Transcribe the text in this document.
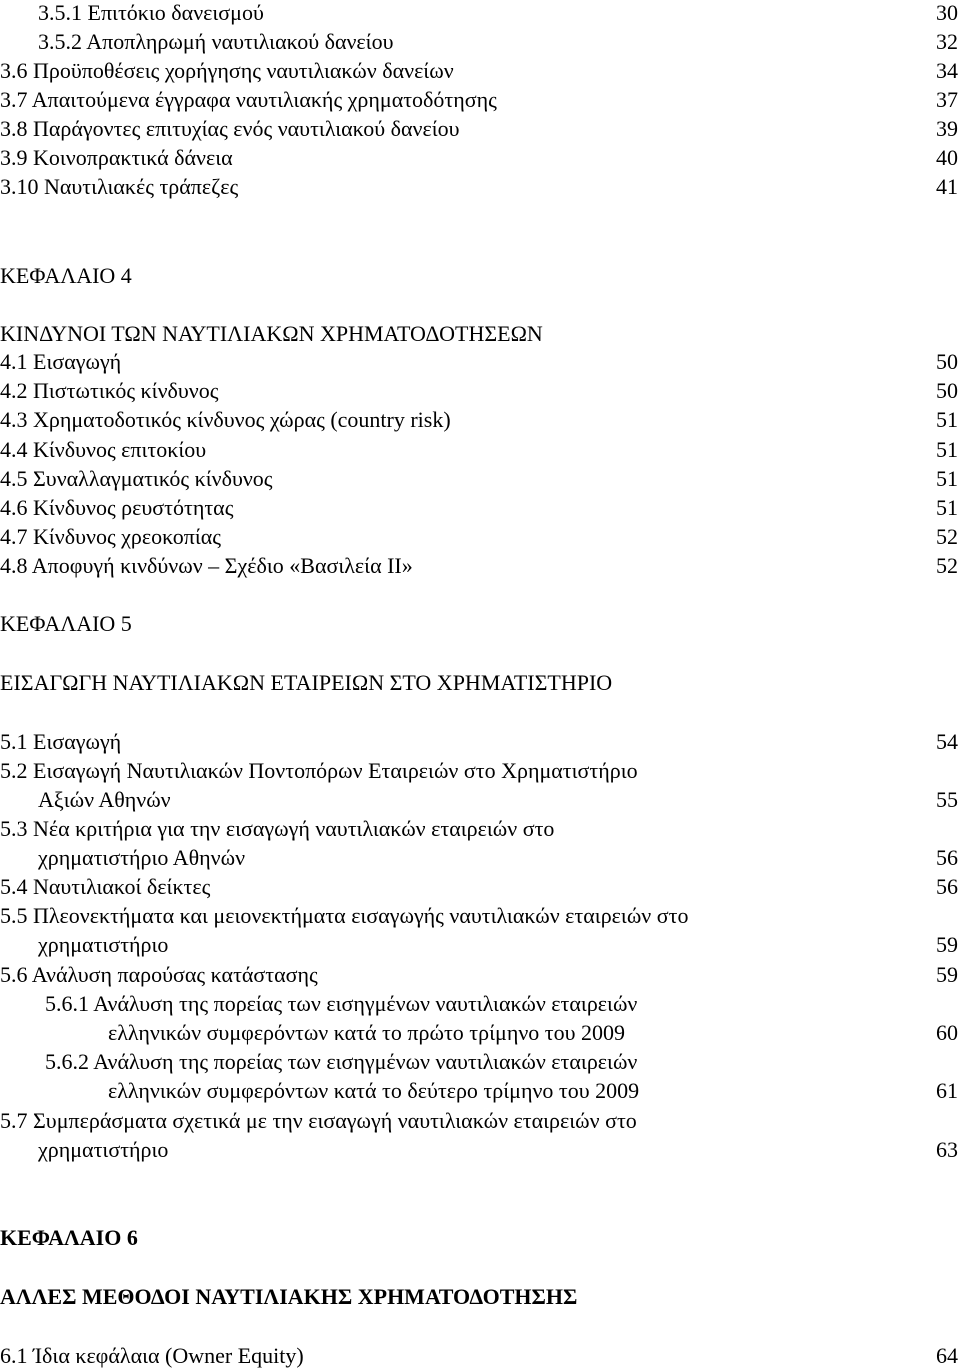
3.5.1 Επιτόκιο δανεισμού	30
3.5.2 Αποπληρωμή ναυτιλιακού δανείου	32
3.6 Προϋποθέσεις χορήγησης ναυτιλιακών δανείων	34
3.7 Απαιτούμενα έγγραφα ναυτιλιακής χρηματοδότησης	37
3.8 Παράγοντες επιτυχίας ενός ναυτιλιακού δανείου	39
3.9 Κοινοπρακτικά δάνεια	40
3.10 Ναυτιλιακές τράπεζες	41
ΚΕΦΑΛΑΙΟ 4
ΚΙΝΔΥΝΟΙ ΤΩΝ ΝΑΥΤΙΛΙΑΚΩΝ ΧΡΗΜΑΤΟΔΟΤΗΣΕΩΝ
4.1 Εισαγωγή	50
4.2 Πιστωτικός κίνδυνος	50
4.3 Χρηματοδοτικός κίνδυνος χώρας (country risk)	51
4.4 Κίνδυνος επιτοκίου	51
4.5 Συναλλαγματικός κίνδυνος	51
4.6 Κίνδυνος ρευστότητας	51
4.7 Κίνδυνος χρεοκοπίας	52
4.8 Αποφυγή κινδύνων – Σχέδιο «Βασιλεία ΙΙ»	52
ΚΕΦΑΛΑΙΟ 5
ΕΙΣΑΓΩΓΗ ΝΑΥΤΙΛΙΑΚΩΝ ΕΤΑΙΡΕΙΩΝ ΣΤΟ ΧΡΗΜΑΤΙΣΤΗΡΙΟ
5.1 Εισαγωγή	54
5.2 Εισαγωγή Ναυτιλιακών Ποντοπόρων Εταιρειών στο Χρηματιστήριο
Αξιών Αθηνών	55
5.3 Νέα κριτήρια για την εισαγωγή ναυτιλιακών εταιρειών στο
χρηματιστήριο Αθηνών	56
5.4 Ναυτιλιακοί δείκτες	56
5.5 Πλεονεκτήματα και μειονεκτήματα εισαγωγής ναυτιλιακών εταιρειών στο
χρηματιστήριο	59
5.6 Ανάλυση παρούσας κατάστασης	59
5.6.1 Ανάλυση της πορείας των εισηγμένων ναυτιλιακών εταιρειών
ελληνικών συμφερόντων κατά το πρώτο τρίμηνο του 2009	60
5.6.2 Ανάλυση της πορείας των εισηγμένων ναυτιλιακών εταιρειών
ελληνικών συμφερόντων κατά το δεύτερο τρίμηνο του 2009	61
5.7 Συμπεράσματα σχετικά με την εισαγωγή ναυτιλιακών εταιρειών στο
χρηματιστήριο	63
ΚΕΦΑΛΑΙΟ 6
ΑΛΛΕΣ ΜΕΘΟΔΟΙ ΝΑΥΤΙΛΙΑΚΗΣ ΧΡΗΜΑΤΟΔΟΤΗΣΗΣ
6.1 Ίδια κεφάλαια (Owner Equity)	64
